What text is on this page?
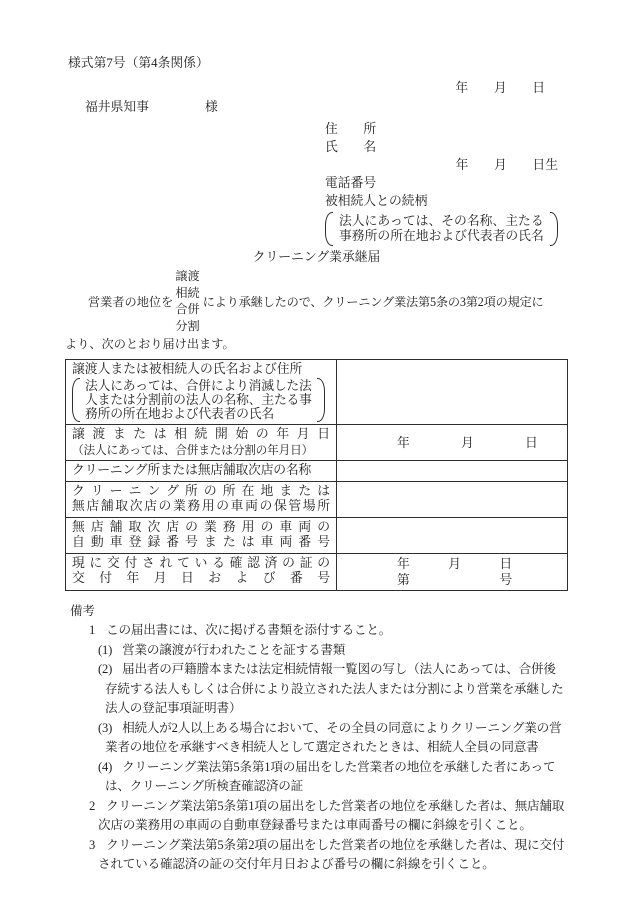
様式第7号（第4条関係）
年　　月　　日
福井県知事	様
住　　所
氏　　名
年　　月　　日生
電話番号
被相続人との続柄
法人にあっては、その名称、主たる
事務所の所在地および代表者の氏名
クリーニング業承継届
営業者の地位を
譲渡
相続
合併
分割
により承継したので、クリーニング業法第5条の3第2項の規定に
より、次のとおり届け出ます。
譲渡人または被相続人の氏名および住所
法人にあっては、合併により消滅した法
人または分割前の法人の名称、主たる事
務所の所在地および代表者の氏名	

譲渡または相続開始の年月日
（法人にあっては、合併または分割の年月日）	年　　　　月　　　　日

クリーニング所または無店舗取次店の名称	

クリーニング所の所在地または
無店舗取次店の業務用の車両の保管場所	

無店舗取次店の業務用の車両の
自動車登録番号または車両番号	

現に交付されている確認済の証の
交付年月日および番号

年　　　月　　　日
第　　　　　　　号
備考
1 この届出書には、次に掲げる書類を添付すること。
(1) 営業の譲渡が行われたことを証する書類
(2) 届出者の戸籍謄本または法定相続情報一覧図の写し（法人にあっては、合併後存続する法人もしくは合併により設立された法人または分割により営業を承継した法人の登記事項証明書）
(3) 相続人が2人以上ある場合において、その全員の同意によりクリーニング業の営業者の地位を承継すべき相続人として選定されたときは、相続人全員の同意書
(4) クリーニング業法第5条第1項の届出をした営業者の地位を承継した者にあっては、クリーニング所検査確認済の証
2 クリーニング業法第5条第1項の届出をした営業者の地位を承継した者は、無店舗取次店の業務用の車両の自動車登録番号または車両番号の欄に斜線を引くこと。
3 クリーニング業法第5条第2項の届出をした営業者の地位を承継した者は、現に交付されている確認済の証の交付年月日および番号の欄に斜線を引くこと。
